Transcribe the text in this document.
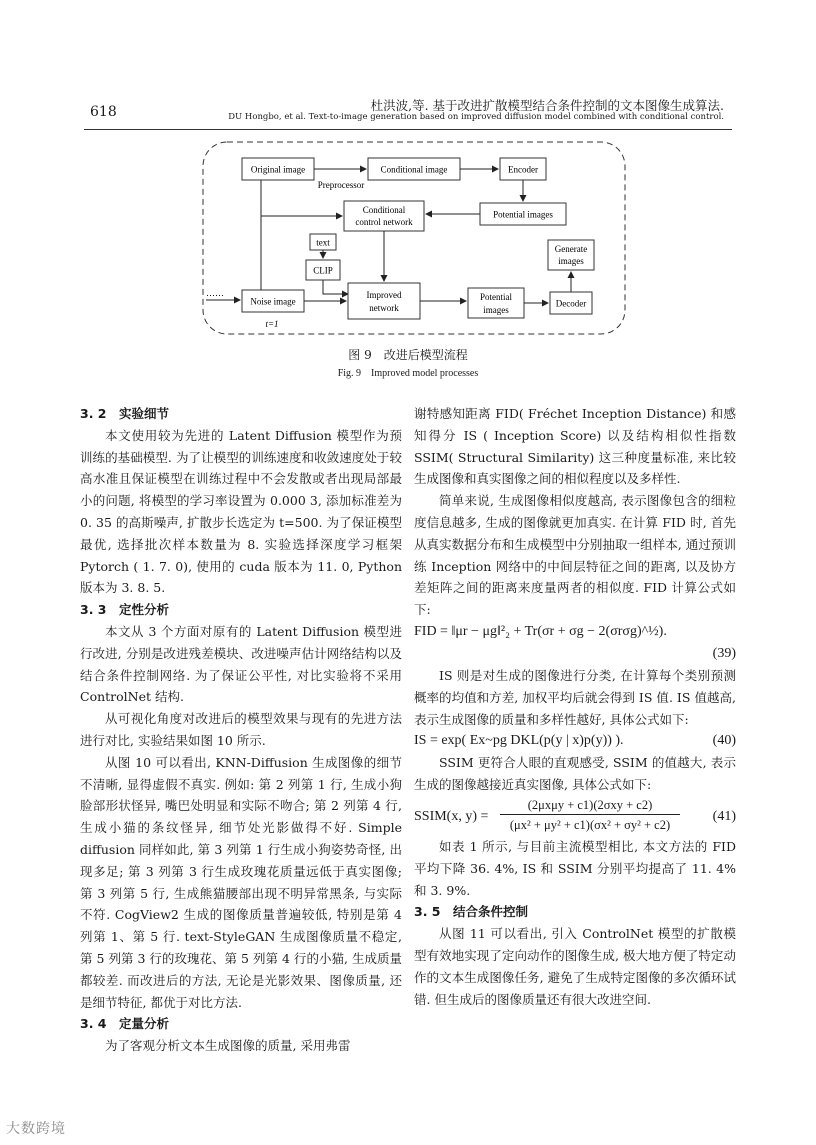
618	杜洪波,等. 基于改进扩散模型结合条件控制的文本图像生成算法.
DU Hongbo, et al. Text-to-image generation based on improved diffusion model combined with conditional control.
Original image	Conditional image	Encoder
Preprocessor
Conditional
control network
Potential images
text
CLIP
Generate
images
……
Noise image
t=1
Improved
network
Potential
images
Decoder
图 9　改进后模型流程
Fig. 9　Improved model processes
3. 2　实验细节

本文使用较为先进的 Latent Diffusion 模型作为预训练的基础模型. 为了让模型的训练速度和收敛速度处于较高水准且保证模型在训练过程中不会发散或者出现局部最小的问题, 将模型的学习率设置为 0.000 3, 添加标准差为 0. 35 的高斯噪声, 扩散步长选定为 t=500. 为了保证模型最优, 选择批次样本数量为 8. 实验选择深度学习框架 Pytorch ( 1. 7. 0), 使用的 cuda 版本为 11. 0, Python 版本为 3. 8. 5.

3. 3　定性分析

本文从 3 个方面对原有的 Latent Diffusion 模型进行改进, 分别是改进残差模块、改进噪声估计网络结构以及结合条件控制网络. 为了保证公平性, 对比实验将不采用 ControlNet 结构.

从可视化角度对改进后的模型效果与现有的先进方法进行对比, 实验结果如图 10 所示.

从图 10 可以看出, KNN-Diffusion 生成图像的细节不清晰, 显得虚假不真实. 例如: 第 2 列第 1 行, 生成小狗脸部形状怪异, 嘴巴处明显和实际不吻合; 第 2 列第 4 行, 生成小猫的条纹怪异, 细节处光影做得不好. Simple diffusion 同样如此, 第 3 列第 1 行生成小狗姿势奇怪, 出现多足; 第 3 列第 3 行生成玫瑰花质量远低于真实图像; 第 3 列第 5 行, 生成熊猫腰部出现不明异常黑条, 与实际不符. CogView2 生成的图像质量普遍较低, 特别是第 4 列第 1、第 5 行. text-StyleGAN 生成图像质量不稳定, 第 5 列第 3 行的玫瑰花、第 5 列第 4 行的小猫, 生成质量都较差. 而改进后的方法, 无论是光影效果、图像质量, 还是细节特征, 都优于对比方法.

3. 4　定量分析

为了客观分析文本生成图像的质量, 采用弗雷

谢特感知距离 FID( Fréchet Inception Distance) 和感知得分 IS ( Inception Score) 以及结构相似性指数 SSIM( Structural Similarity) 这三种度量标准, 来比较生成图像和真实图像之间的相似程度以及多样性.

简单来说, 生成图像相似度越高, 表示图像包含的细粒度信息越多, 生成的图像就更加真实. 在计算 FID 时, 首先从真实数据分布和生成模型中分别抽取一组样本, 通过预训练 Inception 网络中的中间层特征之间的距离, 以及协方差矩阵之间的距离来度量两者的相似度. FID 计算公式如下:

FID = ‖μr − μg‖²₂ + Tr(σr + σg − 2(σrσg)^½).
(39)

IS 则是对生成的图像进行分类, 在计算每个类别预测概率的均值和方差, 加权平均后就会得到 IS 值. IS 值越高, 表示生成图像的质量和多样性越好, 具体公式如下:

IS = exp( Ex~pg DKL(p(y | x)p(y)) ).	(40)

SSIM 更符合人眼的直观感受, SSIM 的值越大, 表示生成的图像越接近真实图像, 具体公式如下:

SSIM(x, y) =
(2μxμy + c1)(2σxy + c2)
(μx² + μy² + c1)(σx² + σy² + c2)
(41)

如表 1 所示, 与目前主流模型相比, 本文方法的 FID 平均下降 36. 4%, IS 和 SSIM 分别平均提高了 11. 4% 和 3. 9%.

3. 5　结合条件控制

从图 11 可以看出, 引入 ControlNet 模型的扩散模型有效地实现了定向动作的图像生成, 极大地方便了特定动作的文本生成图像任务, 避免了生成特定图像的多次循环试错. 但生成后的图像质量还有很大改进空间.

大数跨境
